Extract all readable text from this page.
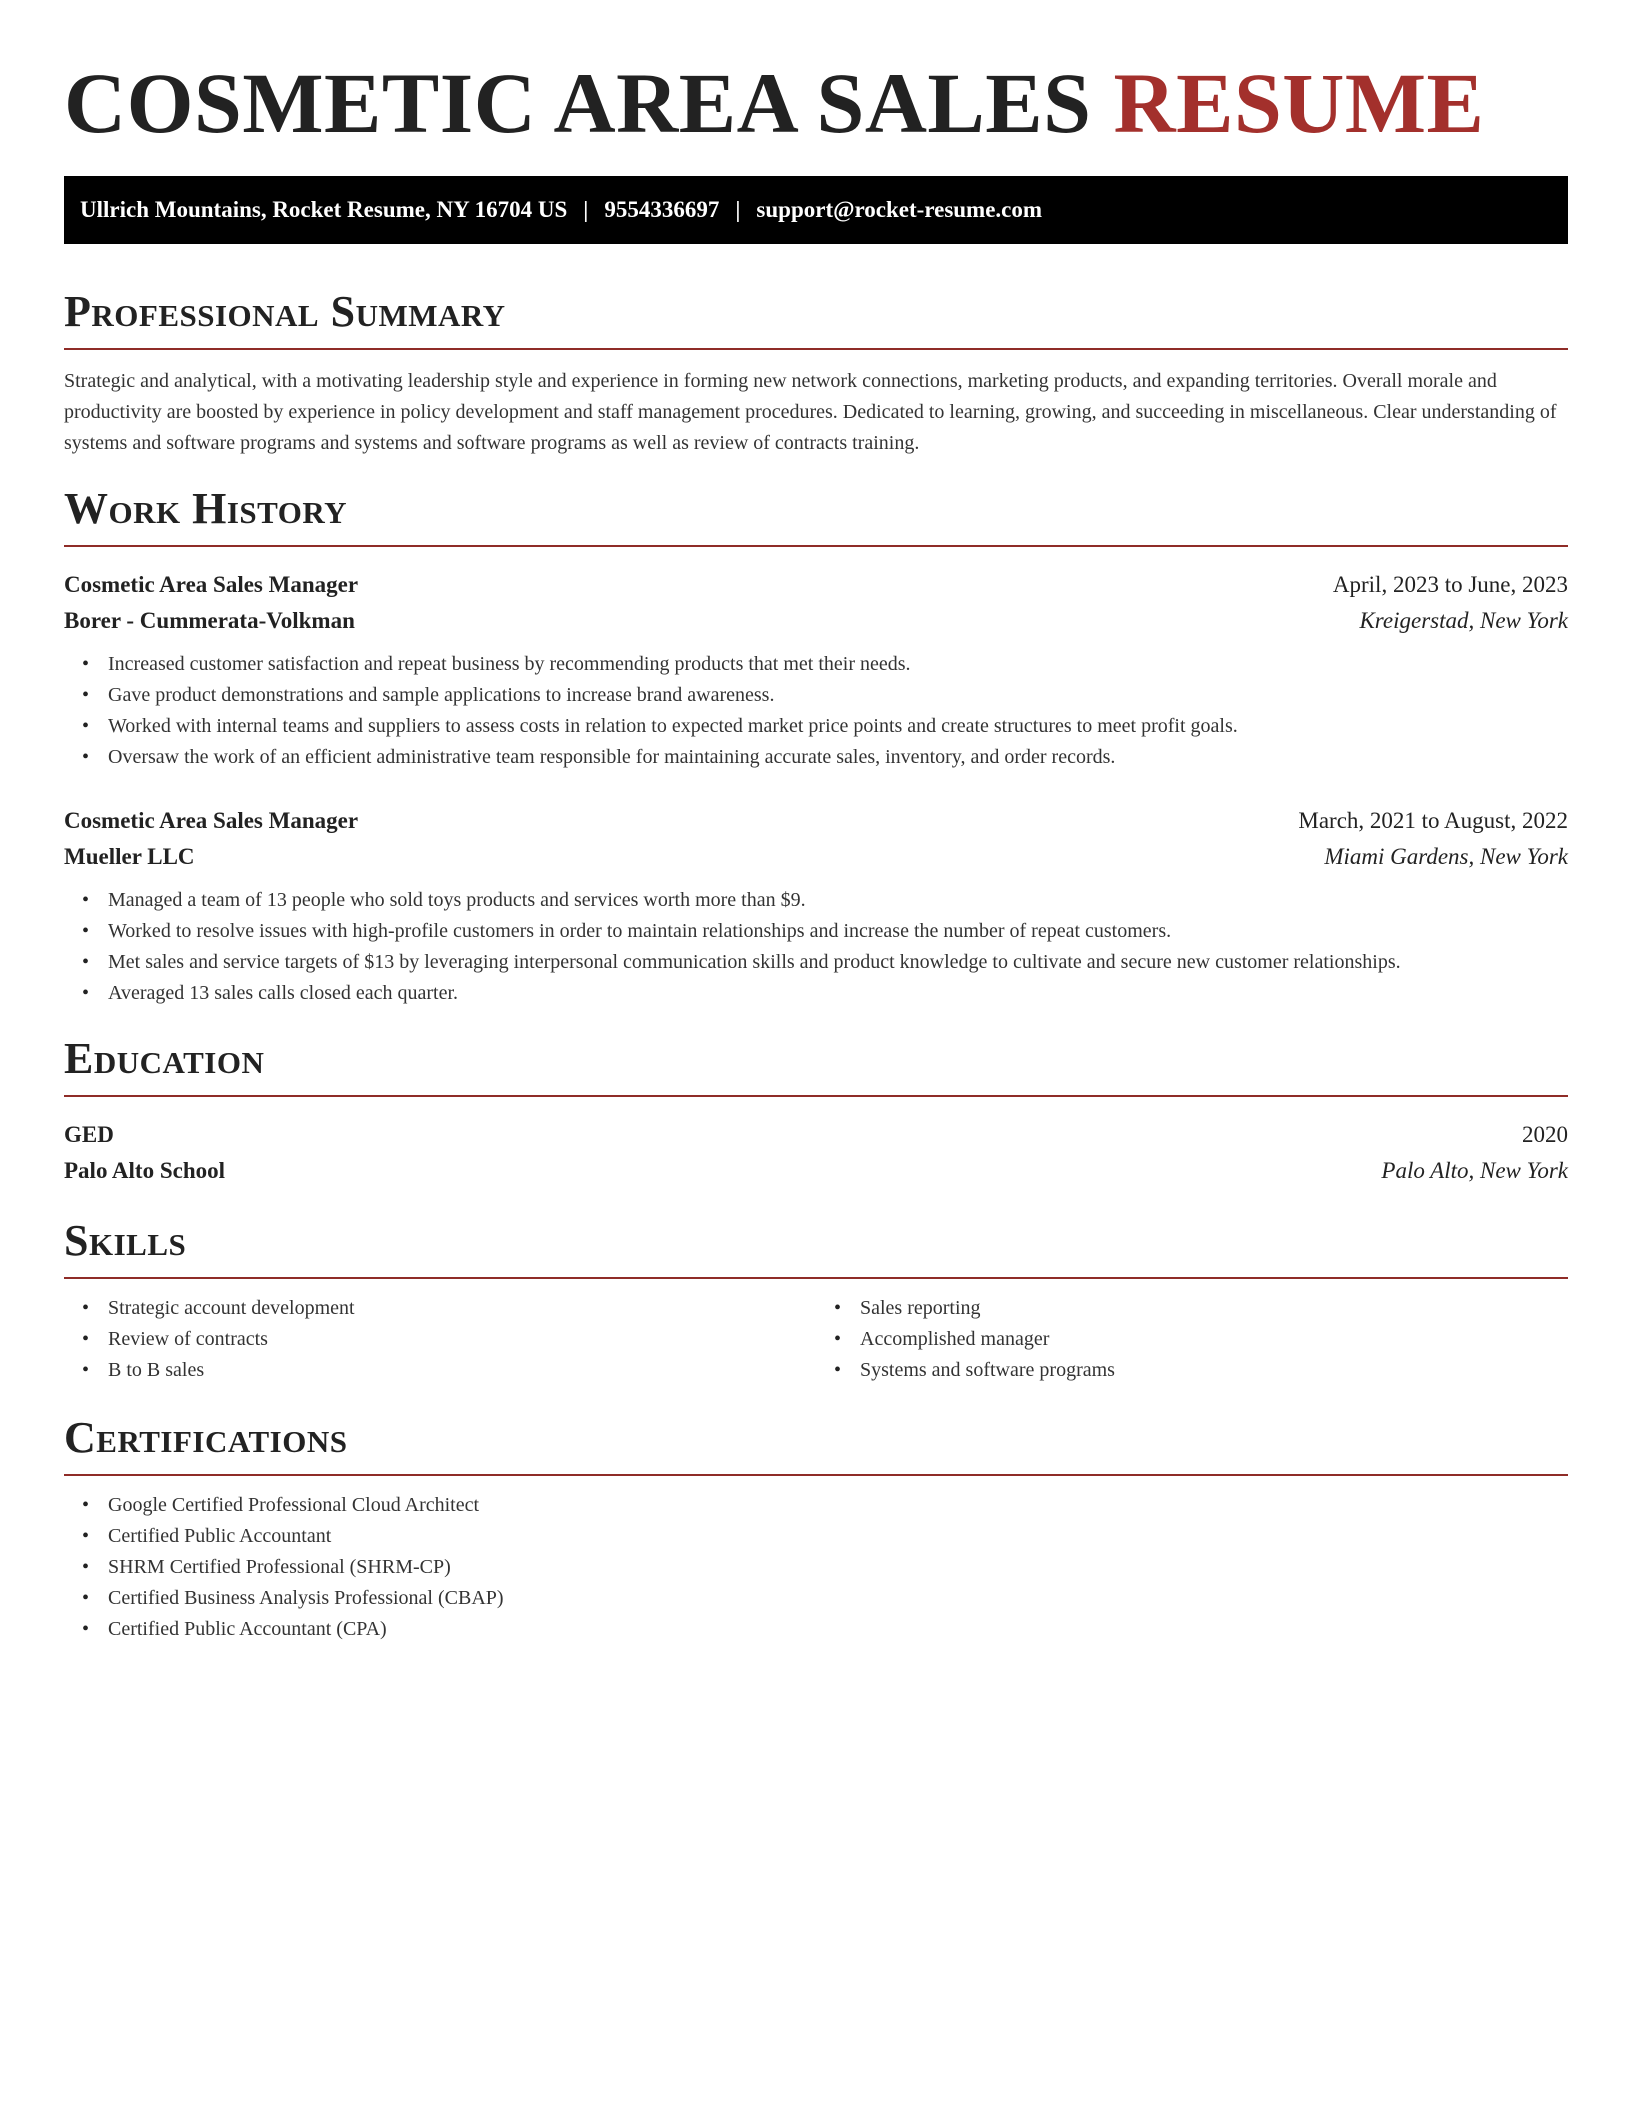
COSMETIC AREA SALES RESUME
Ullrich Mountains, Rocket Resume, NY 16704 US | 9554336697 | support@rocket-resume.com
Professional Summary

Strategic and analytical, with a motivating leadership style and experience in forming new network connections, marketing products, and expanding territories. Overall morale and productivity are boosted by experience in policy development and staff management procedures. Dedicated to learning, growing, and succeeding in miscellaneous. Clear understanding of systems and software programs and systems and software programs as well as review of contracts training.

Work History
Cosmetic Area Sales Manager	April, 2023 to June, 2023
Borer - Cummerata-Volkman	Kreigerstad, New York
• Increased customer satisfaction and repeat business by recommending products that met their needs.
• Gave product demonstrations and sample applications to increase brand awareness.
• Worked with internal teams and suppliers to assess costs in relation to expected market price points and create structures to meet profit goals.
• Oversaw the work of an efficient administrative team responsible for maintaining accurate sales, inventory, and order records.
Cosmetic Area Sales Manager	March, 2021 to August, 2022
Mueller LLC	Miami Gardens, New York
• Managed a team of 13 people who sold toys products and services worth more than $9.
• Worked to resolve issues with high-profile customers in order to maintain relationships and increase the number of repeat customers.
• Met sales and service targets of $13 by leveraging interpersonal communication skills and product knowledge to cultivate and secure new customer relationships.
• Averaged 13 sales calls closed each quarter.
Education
GED	2020
Palo Alto School	Palo Alto, New York
Skills
• Strategic account development
• Review of contracts
• B to B sales
• Sales reporting
• Accomplished manager
• Systems and software programs
Certifications
• Google Certified Professional Cloud Architect
• Certified Public Accountant
• SHRM Certified Professional (SHRM-CP)
• Certified Business Analysis Professional (CBAP)
• Certified Public Accountant (CPA)
